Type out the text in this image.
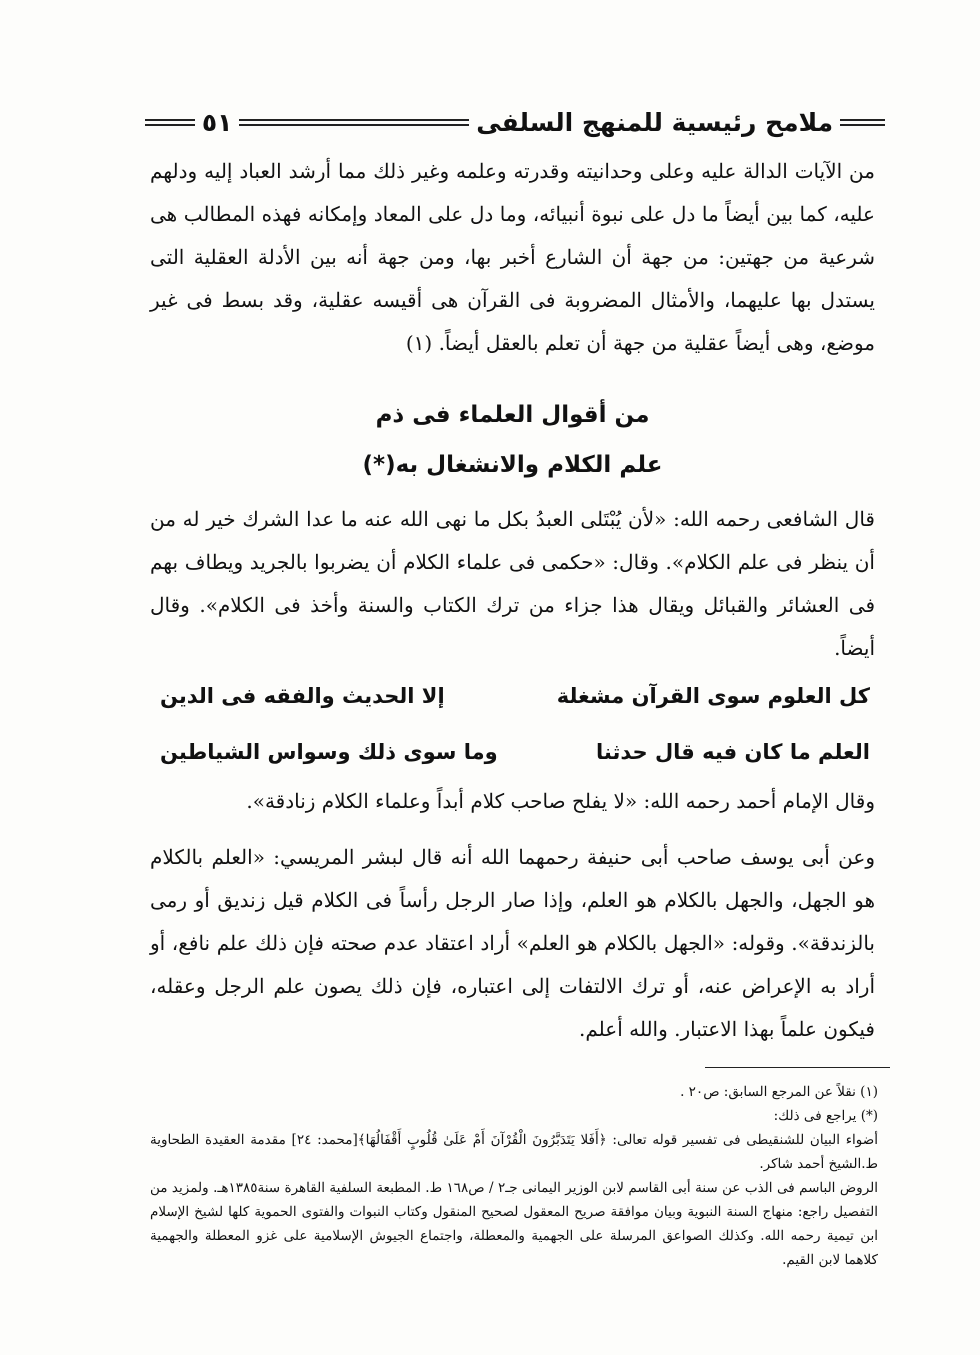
ملامح رئيسية للمنهج السلفى
٥١

من الآيات الدالة عليه وعلى وحدانيته وقدرته وعلمه وغير ذلك مما أرشد العباد إليه ودلهم عليه، كما بين أيضاً ما دل على نبوة أنبيائه، وما دل على المعاد وإمكانه فهذه المطالب هى شرعية من جهتين: من جهة أن الشارع أخبر بها، ومن جهة أنه بين الأدلة العقلية التى يستدل بها عليهما، والأمثال المضروبة فى القرآن هى أقيسه عقلية، وقد بسط فى غير موضع، وهى أيضاً عقلية من جهة أن تعلم بالعقل أيضاً. (١)

من أقوال العلماء فى ذم
علم الكلام والانشغال به(*)

قال الشافعى رحمه الله: «لأن يُبْتَلى العبدُ بكل ما نهى الله عنه ما عدا الشرك خير له من أن ينظر فى علم الكلام». وقال: «حكمى فى علماء الكلام أن يضربوا بالجريد ويطاف بهم فى العشائر والقبائل ويقال هذا جزاء من ترك الكتاب والسنة وأخذ فى الكلام». وقال أيضاً.

كل العلوم سوى القرآن مشغلة
إلا الحديث والفقه فى الدين
العلم ما كان فيه قال حدثنا
وما سوى ذلك وسواس الشياطين

وقال الإمام أحمد رحمه الله: «لا يفلح صاحب كلام أبداً وعلماء الكلام زنادقة».

وعن أبى يوسف صاحب أبى حنيفة رحمهما الله أنه قال لبشر المريسي: «العلم بالكلام هو الجهل، والجهل بالكلام هو العلم، وإذا صار الرجل رأساً فى الكلام قيل زنديق أو رمى بالزندقة». وقوله: «الجهل بالكلام هو العلم» أراد اعتقاد عدم صحته فإن ذلك علم نافع، أو أراد به الإعراض عنه، أو ترك الالتفات إلى اعتباره، فإن ذلك يصون علم الرجل وعقله، فيكون علماً بهذا الاعتبار. والله أعلم.

(١) نقلاً عن المرجع السابق: ص٢٠ .

(*) يراجع فى ذلك:

أضواء البيان للشنقيطى فى تفسير قوله تعالى: ﴿أَفَلا يَتَدَبَّرُونَ الْقُرْآنَ أَمْ عَلَىٰ قُلُوبٍ أَقْفَالُهَا﴾[محمد: ٢٤] مقدمة العقيدة الطحاوية ط.الشيخ أحمد شاكر.

الروض الباسم فى الذب عن سنة أبى القاسم لابن الوزير اليمانى جـ٢ / ص١٦٨ ط. المطبعة السلفية القاهرة سنة١٣٨٥هـ. ولمزيد من التفصيل راجع: منهاج السنة النبوية وبيان موافقة صريح المعقول لصحيح المنقول وكتاب النبوات والفتوى الحموية كلها لشيخ الإسلام ابن تيمية رحمه الله. وكذلك الصواعق المرسلة على الجهمية والمعطلة، واجتماع الجيوش الإسلامية على غزو المعطلة والجهمية كلاهما لابن القيم.
